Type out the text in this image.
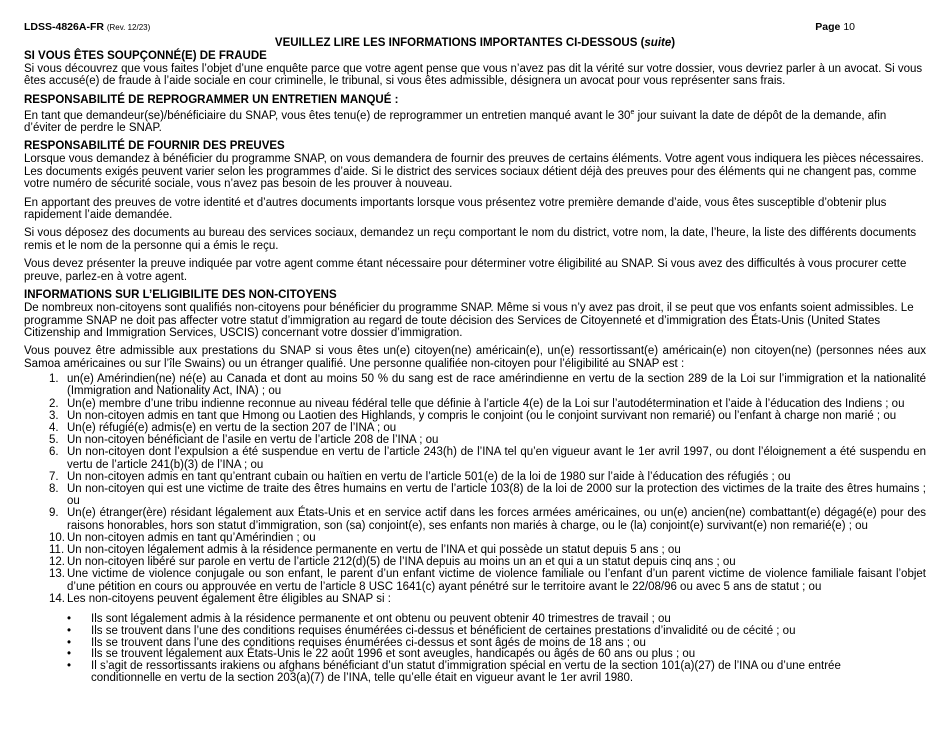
LDSS-4826A-FR (Rev. 12/23)	Page 10
VEUILLEZ LIRE LES INFORMATIONS IMPORTANTES CI-DESSOUS (suite)
SI VOUS ÊTES SOUPÇONNÉ(E) DE FRAUDE

Si vous découvrez que vous faites l’objet d’une enquête parce que votre agent pense que vous n’avez pas dit la vérité sur votre dossier, vous devriez parler à un avocat. Si vous êtes accusé(e) de fraude à l’aide sociale en cour criminelle, le tribunal, si vous êtes admissible, désignera un avocat pour vous représenter sans frais.

RESPONSABILITÉ DE REPROGRAMMER UN ENTRETIEN MANQUÉ :

En tant que demandeur(se)/bénéficiaire du SNAP, vous êtes tenu(e) de reprogrammer un entretien manqué avant le 30e jour suivant la date de dépôt de la demande, afin d’éviter de perdre le SNAP.

RESPONSABILITÉ DE FOURNIR DES PREUVES

Lorsque vous demandez à bénéficier du programme SNAP, on vous demandera de fournir des preuves de certains éléments. Votre agent vous indiquera les pièces nécessaires.

Les documents exigés peuvent varier selon les programmes d’aide. Si le district des services sociaux détient déjà des preuves pour des éléments qui ne changent pas, comme votre numéro de sécurité sociale, vous n’avez pas besoin de les prouver à nouveau.

En apportant des preuves de votre identité et d’autres documents importants lorsque vous présentez votre première demande d’aide, vous êtes susceptible d’obtenir plus rapidement l’aide demandée.

Si vous déposez des documents au bureau des services sociaux, demandez un reçu comportant le nom du district, votre nom, la date, l’heure, la liste des différents documents remis et le nom de la personne qui a émis le reçu.

Vous devez présenter la preuve indiquée par votre agent comme étant nécessaire pour déterminer votre éligibilité au SNAP. Si vous avez des difficultés à vous procurer cette preuve, parlez-en à votre agent.

INFORMATIONS SUR L’ELIGIBILITE DES NON-CITOYENS

De nombreux non-citoyens sont qualifiés non-citoyens pour bénéficier du programme SNAP. Même si vous n’y avez pas droit, il se peut que vos enfants soient admissibles. Le programme SNAP ne doit pas affecter votre statut d’immigration au regard de toute décision des Services de Citoyenneté et d’immigration des États-Unis (United States Citizenship and Immigration Services, USCIS) concernant votre dossier d’immigration.

Vous pouvez être admissible aux prestations du SNAP si vous êtes un(e) citoyen(ne) américain(e), un(e) ressortissant(e) américain(e) non citoyen(ne) (personnes nées aux Samoa américaines ou sur l’île Swains) ou un étranger qualifié. Une personne qualifiée non-citoyen pour l’éligibilité au SNAP est :

1. un(e) Amérindien(ne) né(e) au Canada et dont au moins 50 % du sang est de race amérindienne en vertu de la section 289 de la Loi sur l’immigration et la nationalité (Immigration and Nationality Act, INA) ; ou
2. Un(e) membre d’une tribu indienne reconnue au niveau fédéral telle que définie à l’article 4(e) de la Loi sur l’autodétermination et l’aide à l’éducation des Indiens ; ou
3. Un non-citoyen admis en tant que Hmong ou Laotien des Highlands, y compris le conjoint (ou le conjoint survivant non remarié) ou l’enfant à charge non marié ; ou
4. Un(e) réfugié(e) admis(e) en vertu de la section 207 de l’INA ; ou
5. Un non-citoyen bénéficiant de l’asile en vertu de l’article 208 de l’INA ; ou
6. Un non-citoyen dont l’expulsion a été suspendue en vertu de l’article 243(h) de l’INA tel qu’en vigueur avant le 1er avril 1997, ou dont l’éloignement a été suspendu en vertu de l’article 241(b)(3) de l’INA ; ou
7. Un non-citoyen admis en tant qu’entrant cubain ou haïtien en vertu de l’article 501(e) de la loi de 1980 sur l’aide à l’éducation des réfugiés ; ou
8. Un non-citoyen qui est une victime de traite des êtres humains en vertu de l’article 103(8) de la loi de 2000 sur la protection des victimes de la traite des êtres humains ; ou
9. Un(e) étranger(ère) résidant légalement aux États-Unis et en service actif dans les forces armées américaines, ou un(e) ancien(ne) combattant(e) dégagé(e) pour des raisons honorables, hors son statut d’immigration, son (sa) conjoint(e), ses enfants non mariés à charge, ou le (la) conjoint(e) survivant(e) non remarié(e) ; ou
10. Un non-citoyen admis en tant qu’Amérindien ; ou
11. Un non-citoyen légalement admis à la résidence permanente en vertu de l’INA et qui possède un statut depuis 5 ans ; ou
12. Un non-citoyen libéré sur parole en vertu de l’article 212(d)(5) de l’INA depuis au moins un an et qui a un statut depuis cinq ans ; ou
13. Une victime de violence conjugale ou son enfant, le parent d’un enfant victime de violence familiale ou l’enfant d’un parent victime de violence familiale faisant l’objet d’une pétition en cours ou approuvée en vertu de l’article 8 USC 1641(c) ayant pénétré sur le territoire avant le 22/08/96 ou avec 5 ans de statut ; ou
14. Les non-citoyens peuvent également être éligibles au SNAP si :
•	Ils sont légalement admis à la résidence permanente et ont obtenu ou peuvent obtenir 40 trimestres de travail ; ou
•	Ils se trouvent dans l’une des conditions requises énumérées ci-dessus et bénéficient de certaines prestations d’invalidité ou de cécité ; ou
•	Ils se trouvent dans l’une des conditions requises énumérées ci-dessus et sont âgés de moins de 18 ans ; ou
•	Ils se trouvent légalement aux États-Unis le 22 août 1996 et sont aveugles, handicapés ou âgés de 60 ans ou plus ; ou
•	Il s’agit de ressortissants irakiens ou afghans bénéficiant d’un statut d’immigration spécial en vertu de la section 101(a)(27) de l’INA ou d’une entrée conditionnelle en vertu de la section 203(a)(7) de l’INA, telle qu’elle était en vigueur avant le 1er avril 1980.
